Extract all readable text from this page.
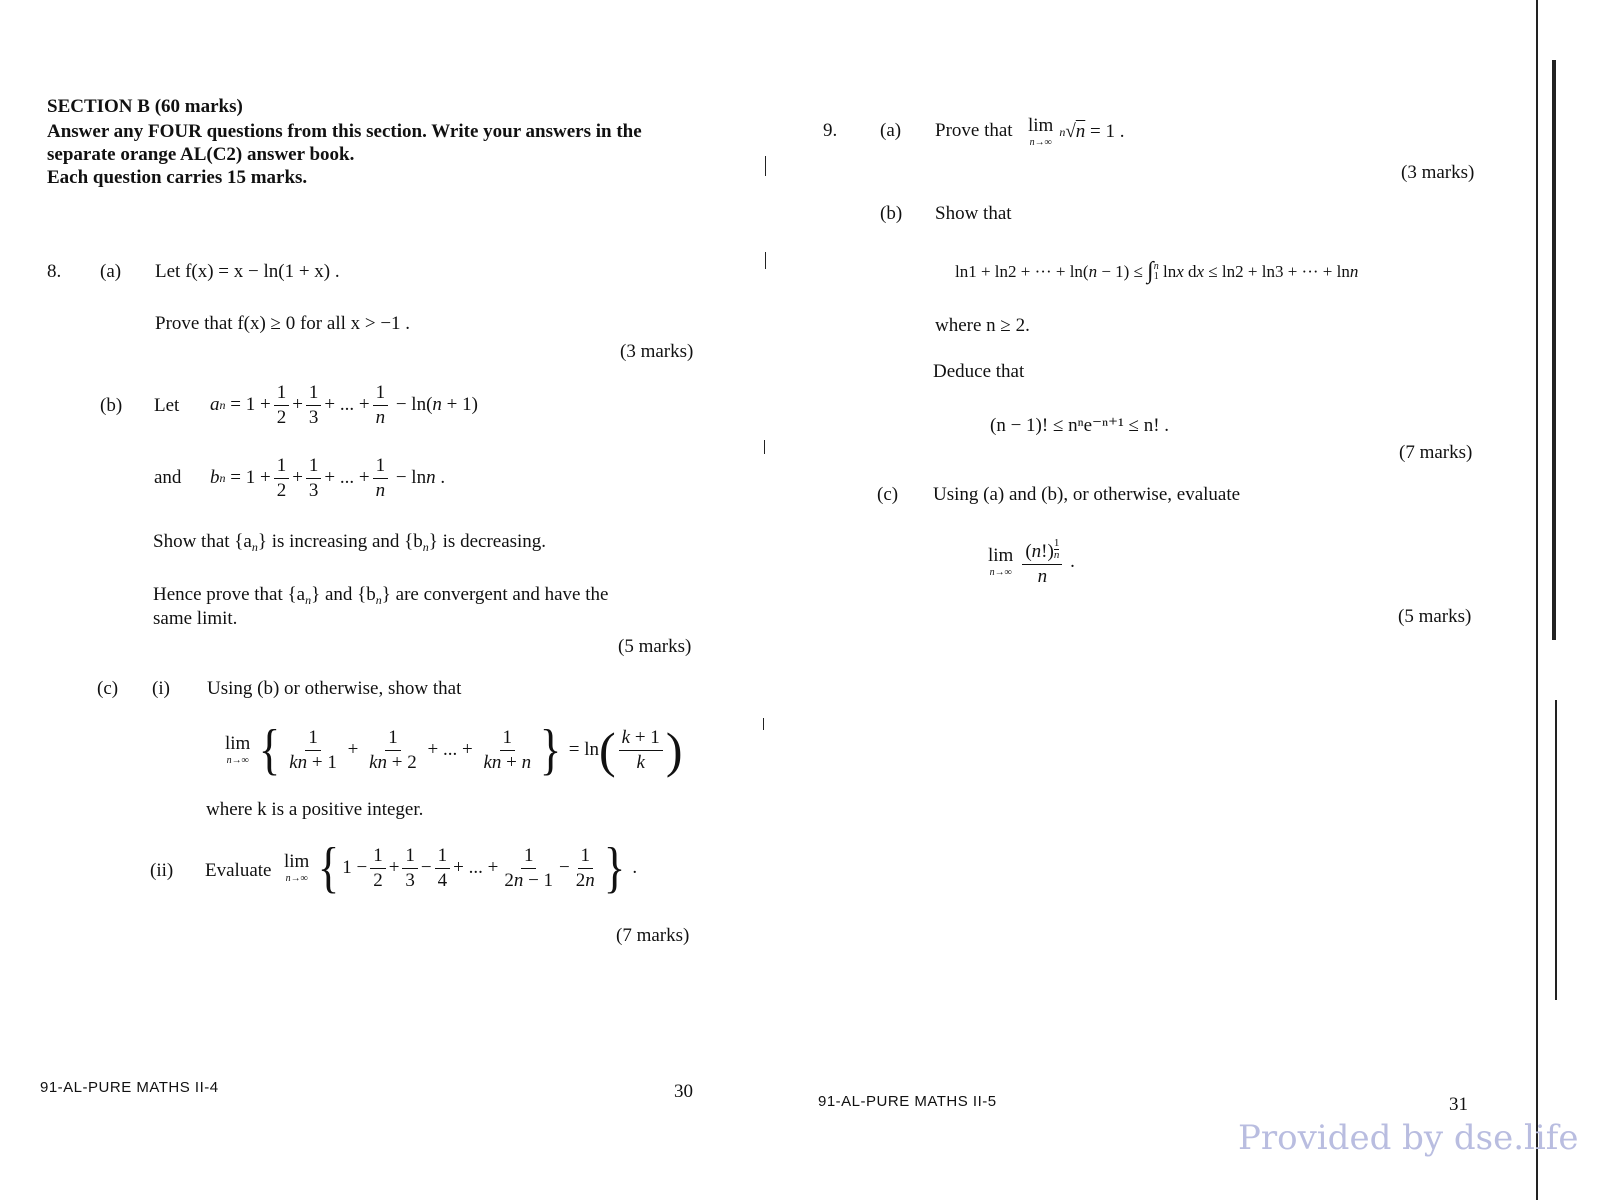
SECTION B (60 marks)
Answer any FOUR questions from this section. Write your answers in the
separate orange AL(C2) answer book.
Each question carries 15 marks.
8. (a) Let f(x) = x − ln(1 + x) .
Prove that f(x) ≥ 0 for all x > −1 .
(3 marks)
(b) Let a $n = 1 + \frac{1}{2} + \frac{1}{3}$ + ... + $\frac{1}{n} - \ln$( n + 1)
and b $n = 1 + \frac{1}{2} + \frac{1}{3}$ + ... + $\frac{1}{n} - \ln n$ .
Show that $\{a_n\}$ is increasing and $\{b_n\}$ is decreasing.
Hence prove that $\{a_n\}$ and $\{b_n\}$ are convergent and have the
same limit.
(5 marks)
(c) (i) Using (b) or otherwise, show that
lim
n→∞ { $\frac{1}{kn + 1} + \frac{1}{kn + 2}$ + ... + $\frac{1}{kn + n}$ } = ln ( $\frac{k + 1}{k}$ )
where k is a positive integer.
(ii) Evaluate lim
n→∞ { $1 - \frac{1}{2} + \frac{1}{3} - \frac{1}{4}$ + ... + $\frac{1}{2n - 1} - \frac{1}{2n}$ } .
(7 marks)
91-AL-PURE MATHS II-4	30
9. (a) Prove that lim
n→∞
n √ n = 1 .
(3 marks)
(b) Show that
ln1 + ln2 + ··· + ln( n − 1) ≤ ∫ n
1 ln x d x ≤ ln2 + ln3 + ··· + ln n
where n ≥ 2.
Deduce that
(n − 1)! ≤ nⁿe⁻ⁿ⁺¹ ≤ n! .
(7 marks)
(c) Using (a) and (b), or otherwise, evaluate
lim
$n\to\infty \frac{(n!) \frac{1}{n}}{n}$ .
(5 marks)
91-AL-PURE MATHS II-5	31
Provided by dse.life
